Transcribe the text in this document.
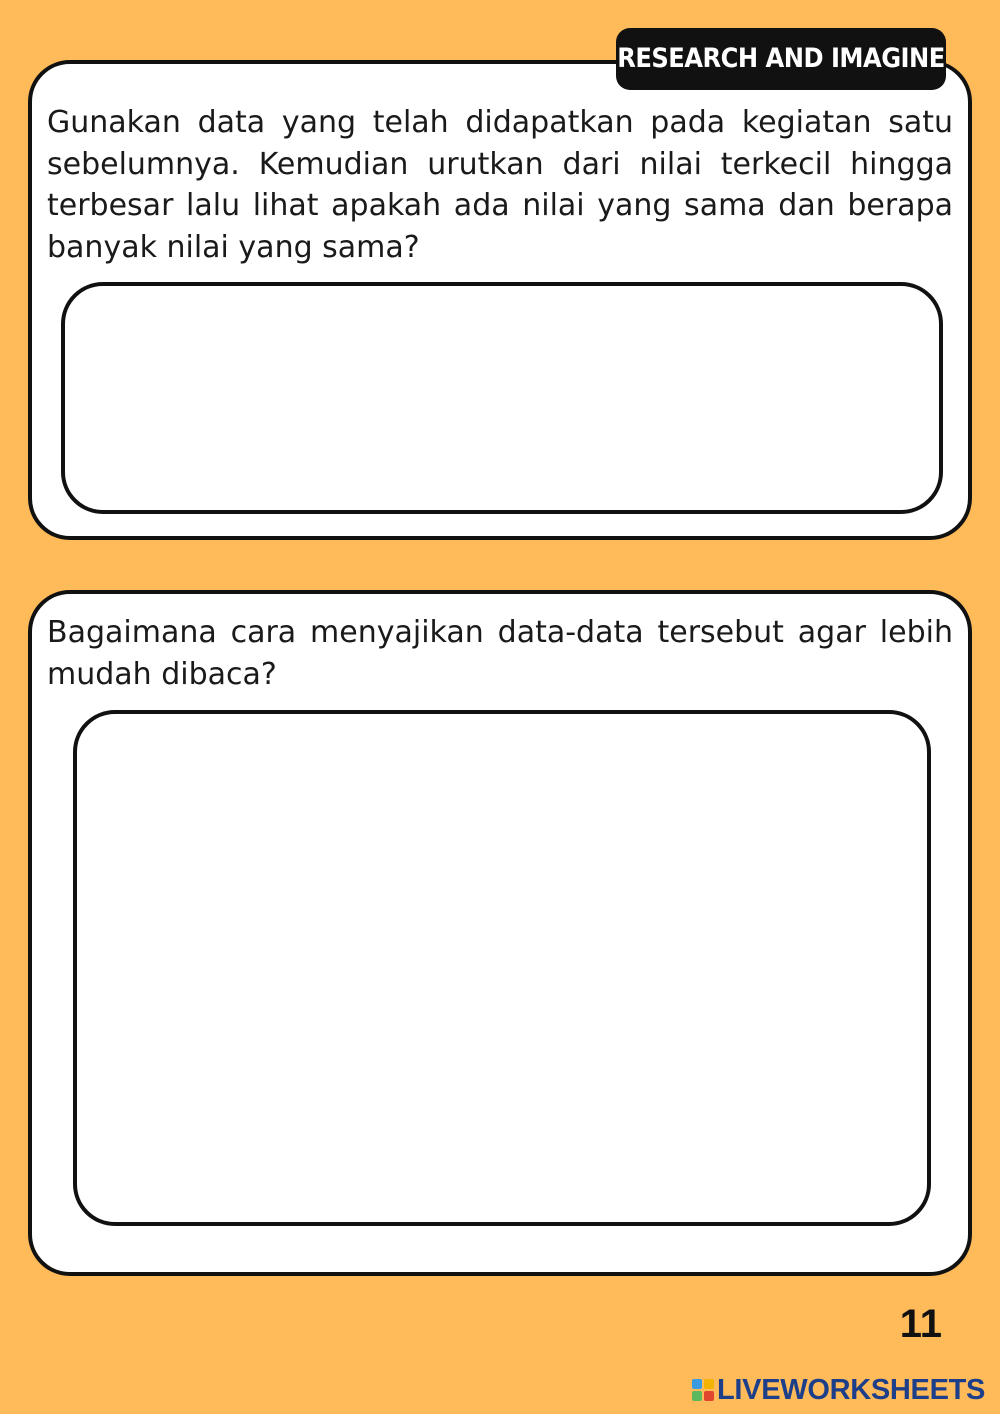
Gunakan data yang telah didapatkan pada kegiatan satu sebelumnya. Kemudian urutkan dari nilai terkecil hingga terbesar lalu lihat apakah ada nilai yang sama dan berapa banyak nilai yang sama?

RESEARCH AND IMAGINE

Bagaimana cara menyajikan data-data tersebut agar lebih mudah dibaca?

11
LIVEWORKSHEETS
